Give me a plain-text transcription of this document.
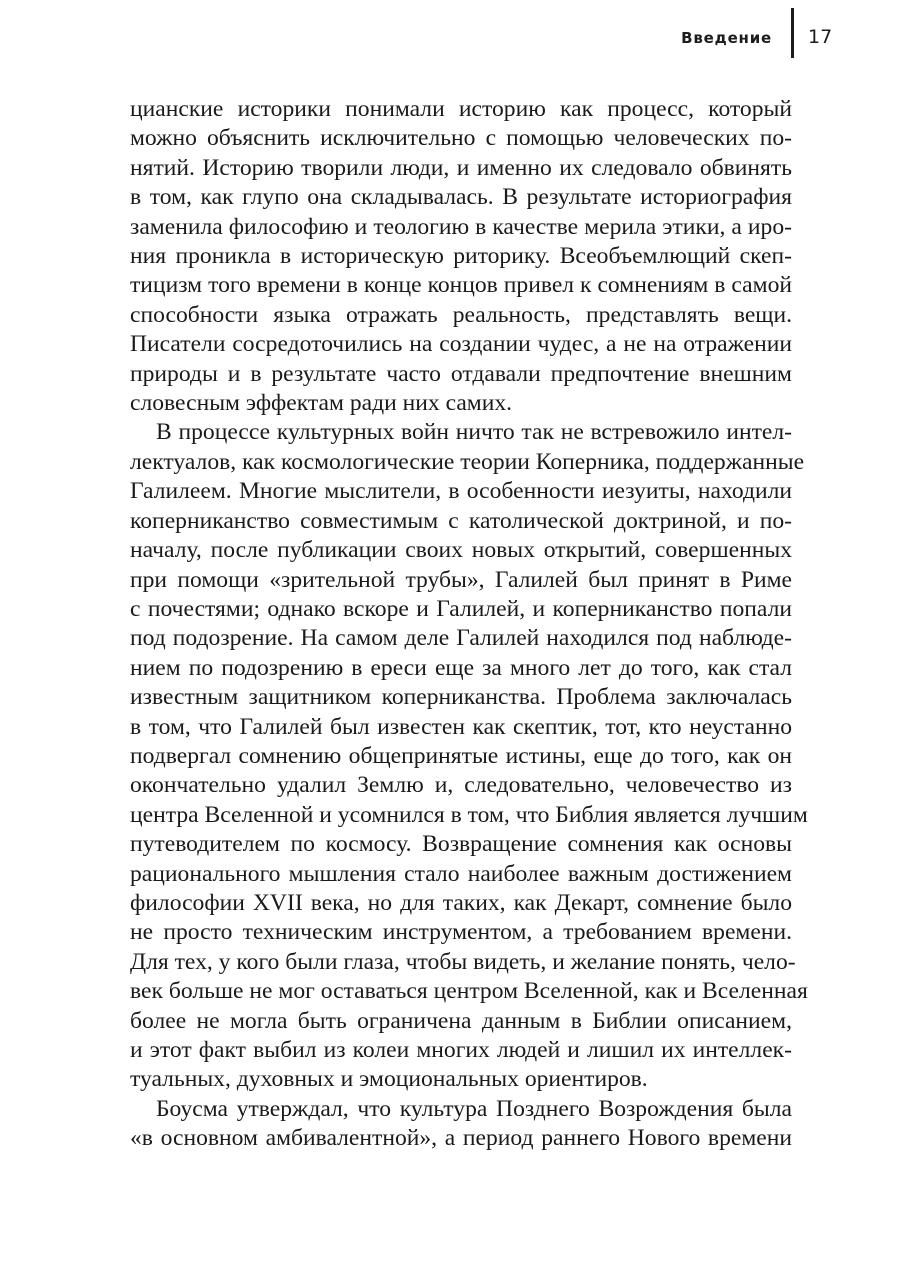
Введение 17

цианские историки понимали историю как процесс, который
можно объяснить исключительно с помощью человеческих по-
нятий. Историю творили люди, и именно их следовало обвинять
в том, как глупо она складывалась. В результате историография
заменила философию и теологию в качестве мерила этики, а иро-
ния проникла в историческую риторику. Всеобъемлющий скеп-
тицизм того времени в конце концов привел к сомнениям в самой
способности языка отражать реальность, представлять вещи.
Писатели сосредоточились на создании чудес, а не на отражении
природы и в результате часто отдавали предпочтение внешним
словесным эффектам ради них самих.

В процессе культурных войн ничто так не встревожило интел-
лектуалов, как космологические теории Коперника, поддержанные
Галилеем. Многие мыслители, в особенности иезуиты, находили
коперниканство совместимым с католической доктриной, и по-
началу, после публикации своих новых открытий, совершенных
при помощи «зрительной трубы», Галилей был принят в Риме
с почестями; однако вскоре и Галилей, и коперниканство попали
под подозрение. На самом деле Галилей находился под наблюде-
нием по подозрению в ереси еще за много лет до того, как стал
известным защитником коперниканства. Проблема заключалась
в том, что Галилей был известен как скептик, тот, кто неустанно
подвергал сомнению общепринятые истины, еще до того, как он
окончательно удалил Землю и, следовательно, человечество из
центра Вселенной и усомнился в том, что Библия является лучшим
путеводителем по космосу. Возвращение сомнения как основы
рационального мышления стало наиболее важным достижением
философии XVII века, но для таких, как Декарт, сомнение было
не просто техническим инструментом, а требованием времени.
Для тех, у кого были глаза, чтобы видеть, и желание понять, чело-
век больше не мог оставаться центром Вселенной, как и Вселенная
более не могла быть ограничена данным в Библии описанием,
и этот факт выбил из колеи многих людей и лишил их интеллек-
туальных, духовных и эмоциональных ориентиров.

Боусма утверждал, что культура Позднего Возрождения была
«в основном амбивалентной», а период раннего Нового времени
